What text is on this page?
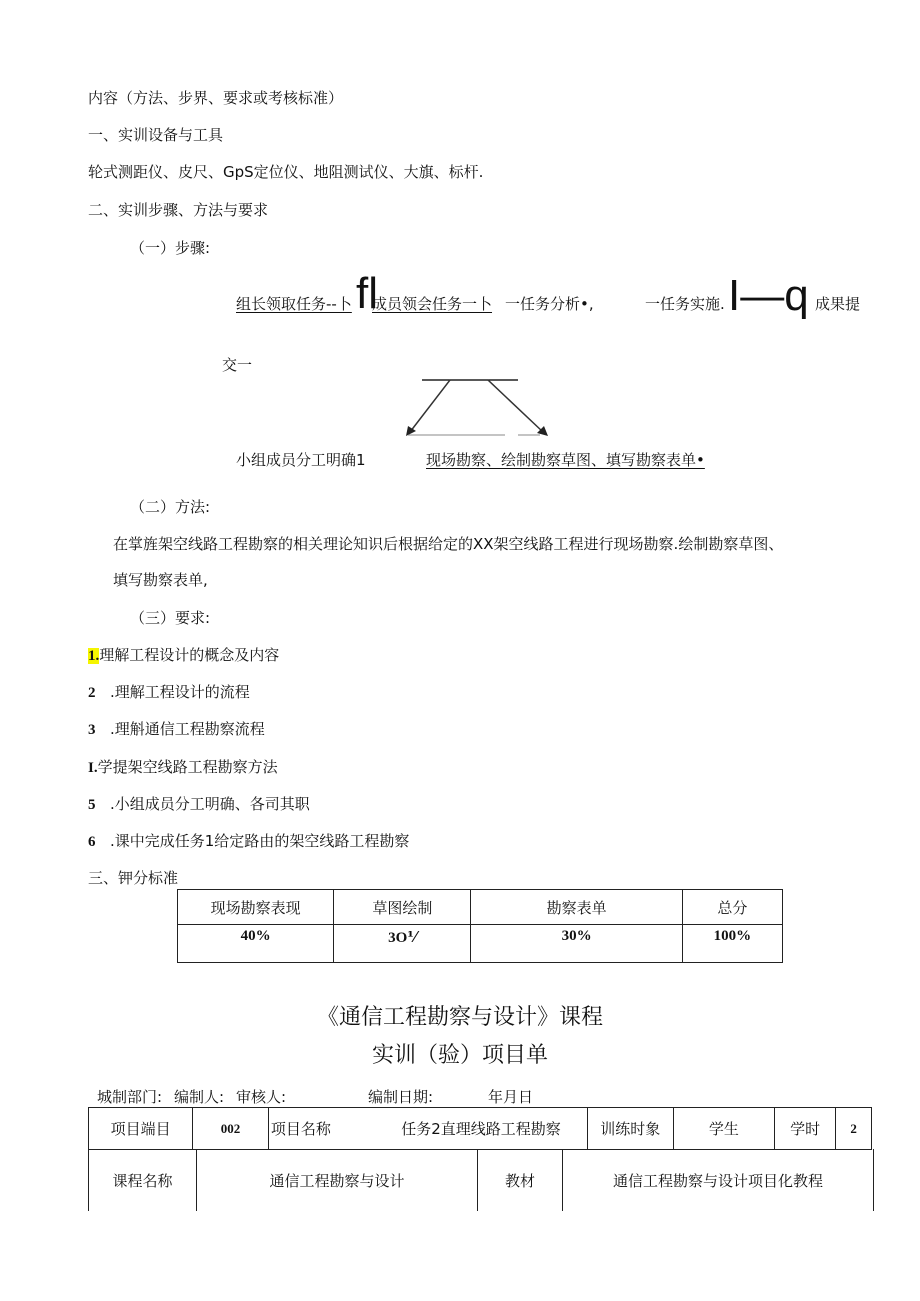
内容（方法、步界、要求或考核标准）
一、实训设备与工具
轮式测距仪、皮尺、GpS定位仪、地阻测试仪、大旗、标杆.
二、实训步骤、方法与要求
（一）步骤:
组长领取任务--卜 fl
成员领会任务一卜 一任务分析•,	一任务实施. I—q 成果提
交一
小组成员分工明确1	现场勘察、绘制勘察草图、填写勘察表单•
（二）方法:
在掌旌架空线路工程勘察的相关理论知识后根据给定的XX架空线路工程进行现场勘察.绘制勘察草图、
填写勘察表单,
（三）要求:
1.理解工程设计的概念及内容
2 .理解工程设计的流程
3 .理斛通信工程勘察流程
I.学提架空线路工程勘察方法
5 .小组成员分工明确、各司其职
6 .课中完成任务1给定路由的架空线路工程勘察
三、钾分标准
现场勘察表现	草图绘制	勘察表单	总分
40%	3O⅟	30%	100%
《通信工程勘察与设计》课程
实训（验）项目单
城制部门: 编制人: 审核人:	编制日期:	年月日
项目端目	002	项目名称	任务2直理线路工程勘察	训练时象	学生	学时	2
课程名称	通信工程勘察与设计	教材	通信工程勘察与设计项目化教程
